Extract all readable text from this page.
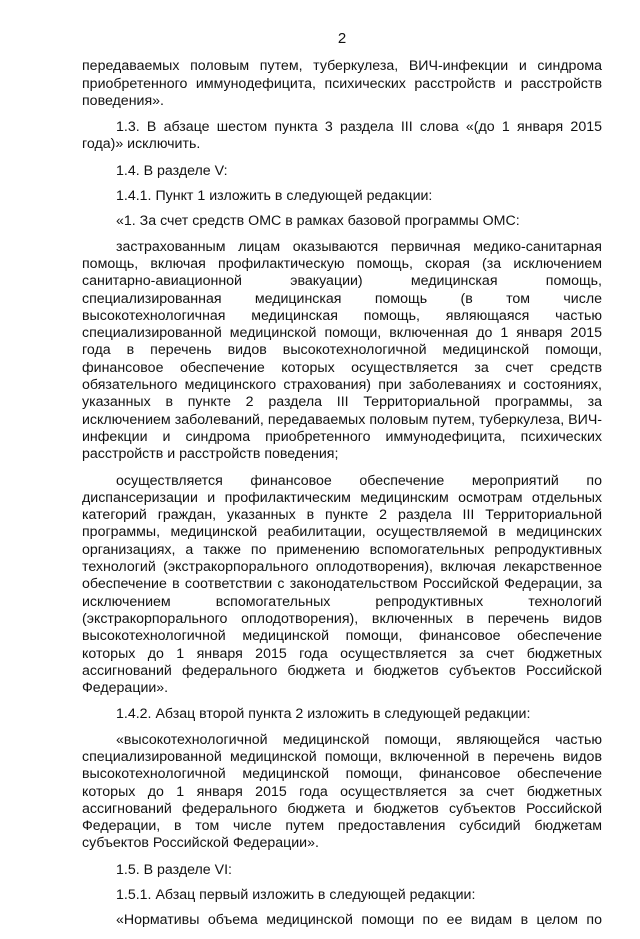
2

передаваемых половым путем, туберкулеза, ВИЧ-инфекции и синдрома приобретенного иммунодефицита, психических расстройств и расстройств поведения».

1.3. В абзаце шестом пункта 3 раздела III слова «(до 1 января 2015 года)» исключить.

1.4. В разделе V:

1.4.1. Пункт 1 изложить в следующей редакции:

«1. За счет средств ОМС в рамках базовой программы ОМС:

застрахованным лицам оказываются первичная медико-санитарная помощь, включая профилактическую помощь, скорая (за исключением санитарно-авиационной эвакуации) медицинская помощь, специализированная медицинская помощь (в том числе высокотехнологичная медицинская помощь, являющаяся частью специализированной медицинской помощи, включенная до 1 января 2015 года в перечень видов высокотехнологичной медицинской помощи, финансовое обеспечение которых осуществляется за счет средств обязательного медицинского страхования) при заболеваниях и состояниях, указанных в пункте 2 раздела III Территориальной программы, за исключением заболеваний, передаваемых половым путем, туберкулеза, ВИЧ-инфекции и синдрома приобретенного иммунодефицита, психических расстройств и расстройств поведения;

осуществляется финансовое обеспечение мероприятий по диспансеризации и профилактическим медицинским осмотрам отдельных категорий граждан, указанных в пункте 2 раздела III Территориальной программы, медицинской реабилитации, осуществляемой в медицинских организациях, а также по применению вспомогательных репродуктивных технологий (экстракорпорального оплодотворения), включая лекарственное обеспечение в соответствии с законодательством Российской Федерации, за исключением вспомогательных репродуктивных технологий (экстракорпорального оплодотворения), включенных в перечень видов высокотехнологичной медицинской помощи, финансовое обеспечение которых до 1 января 2015 года осуществляется за счет бюджетных ассигнований федерального бюджета и бюджетов субъектов Российской Федерации».

1.4.2. Абзац второй пункта 2 изложить в следующей редакции:

«высокотехнологичной медицинской помощи, являющейся частью специализированной медицинской помощи, включенной в перечень видов высокотехнологичной медицинской помощи, финансовое обеспечение которых до 1 января 2015 года осуществляется за счет бюджетных ассигнований федерального бюджета и бюджетов субъектов Российской Федерации, в том числе путем предоставления субсидий бюджетам субъектов Российской Федерации».

1.5. В разделе VI:

1.5.1. Абзац первый изложить в следующей редакции:

«Нормативы объема медицинской помощи по ее видам в целом по
